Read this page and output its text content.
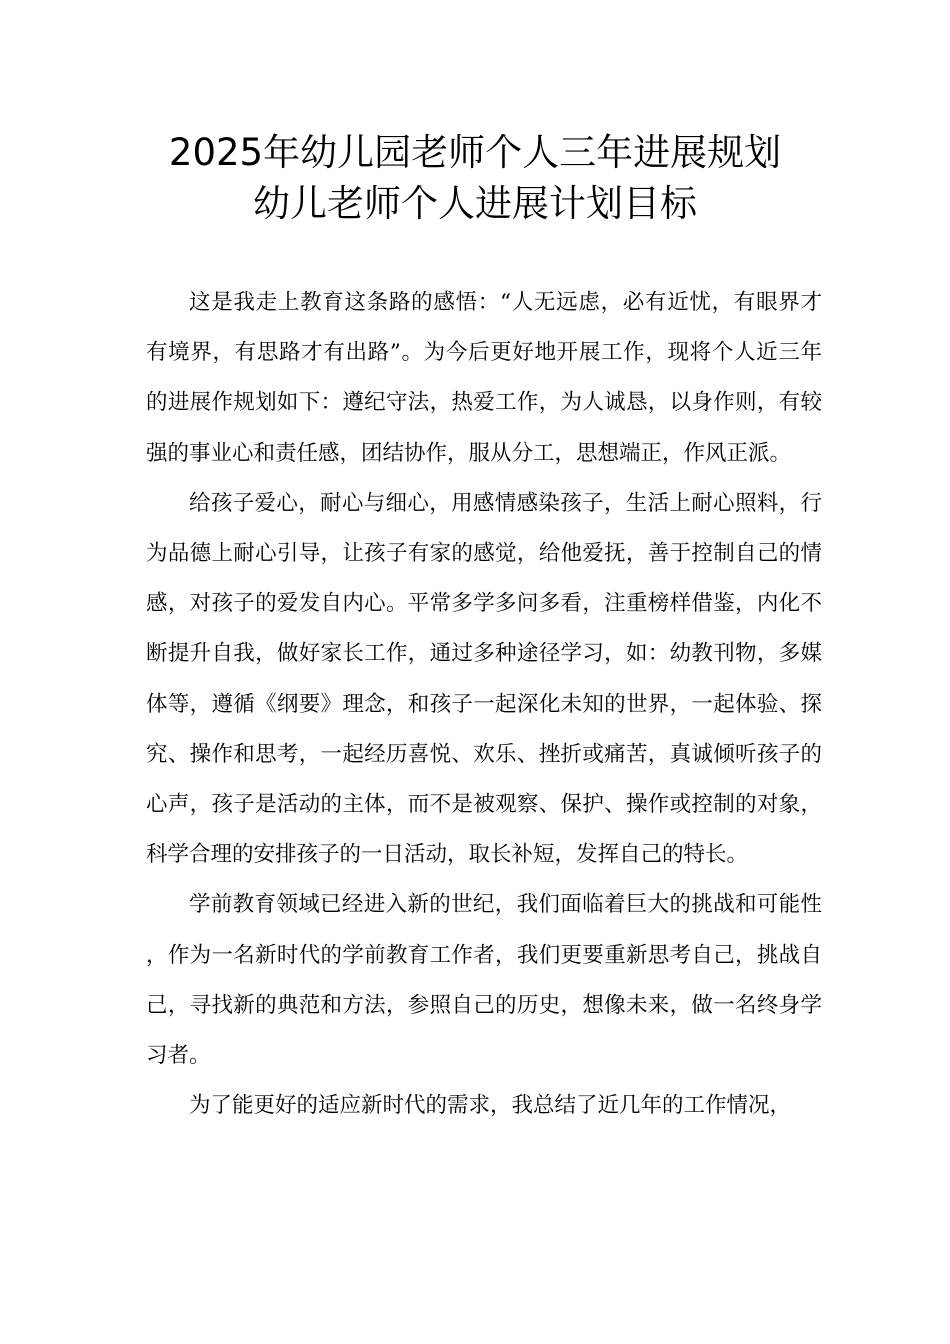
2025年幼儿园老师个人三年进展规划
幼儿老师个人进展计划目标

这是我走上教育这条路的感悟：“人无远虑，必有近忧，有眼界才有境界，有思路才有出路”。为今后更好地开展工作，现将个人近三年的进展作规划如下：遵纪守法，热爱工作，为人诚恳，以身作则，有较强的事业心和责任感，团结协作，服从分工，思想端正，作风正派。

给孩子爱心，耐心与细心，用感情感染孩子，生活上耐心照料，行为品德上耐心引导，让孩子有家的感觉，给他爱抚，善于控制自己的情感，对孩子的爱发自内心。平常多学多问多看，注重榜样借鉴，内化不断提升自我，做好家长工作，通过多种途径学习，如：幼教刊物，多媒体等，遵循《纲要》理念，和孩子一起深化未知的世界，一起体验、探究、操作和思考，一起经历喜悦、欢乐、挫折或痛苦，真诚倾听孩子的心声，孩子是活动的主体，而不是被观察、保护、操作或控制的对象，科学合理的安排孩子的一日活动，取长补短，发挥自己的特长。

学前教育领域已经进入新的世纪，我们面临着巨大的挑战和可能性，作为一名新时代的学前教育工作者，我们更要重新思考自己，挑战自己，寻找新的典范和方法，参照自己的历史，想像未来，做一名终身学习者。

为了能更好的适应新时代的需求，我总结了近几年的工作情况，
